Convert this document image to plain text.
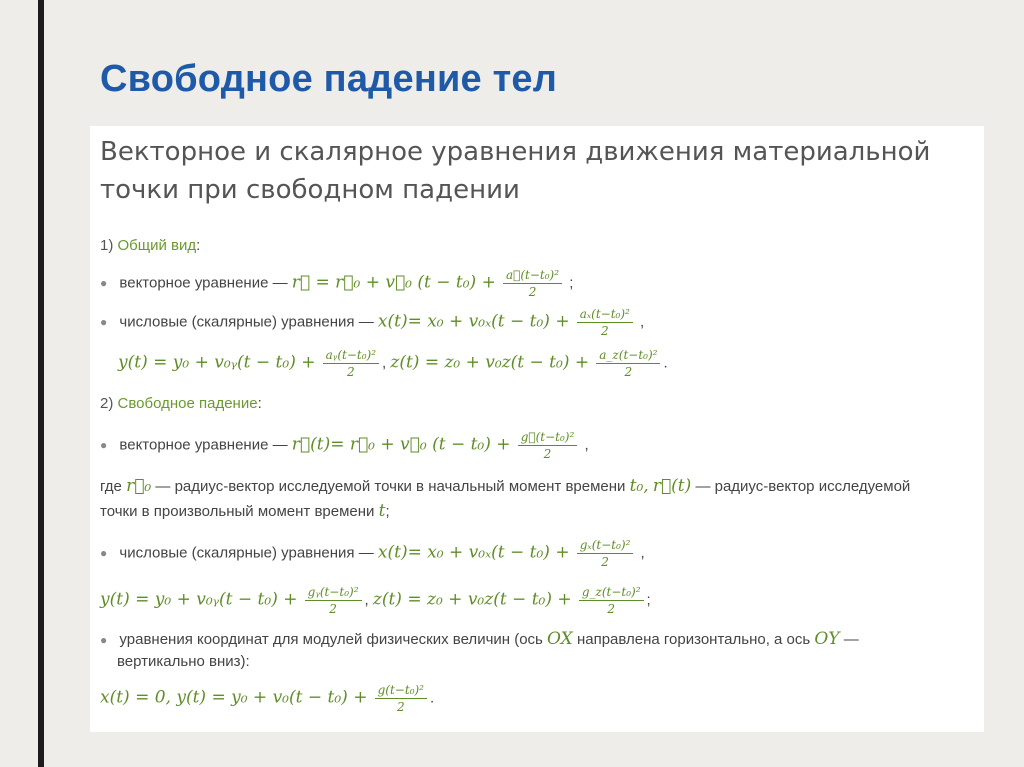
Свободное падение тел
Векторное и скалярное уравнения движения материальной
точки при свободном падении
1) Общий вид:
● векторное уравнение — r⃗ = r⃗₀ + v⃗₀ $(t - t_0) + \frac{\text{a⃗(t−t₀)²}}{2}$ ;
● числовые (скалярные) уравнения — $x(t)= x_0 + v_{0x}(t - t_0) + \frac{\text{aₓ(t−t₀)²}}{2}$ ,
y(t) = y₀ + v₀ᵧ(t − $t_0) + \frac{\text{aᵧ(t−t₀)²}}{2}$ , $z(t) = z_0 + v_0z(t - t_0) + \frac{\text{a\_z(t−t₀)²}}{2}$ .
2) Свободное падение:
● векторное уравнение — r⃗(t)= r⃗₀ + v⃗₀ $(t - t_0) + \frac{\text{g⃗(t−t₀)²}}{2}$ ,
где r⃗₀ — радиус-вектор исследуемой точки в начальный момент времени t₀, r⃗(t) — радиус-вектор исследуемой
точки в произвольный момент времени t;
● числовые (скалярные) уравнения — $x(t)= x_0 + v_{0x}(t - t_0) + \frac{\text{gₓ(t−t₀)²}}{2}$ ,
y(t) = y₀ + v₀ᵧ(t − $t_0) + \frac{\text{gᵧ(t−t₀)²}}{2}$ , $z(t) = z_0 + v_0z(t - t_0) + \frac{\text{g\_z(t−t₀)²}}{2}$ ;
● уравнения координат для модулей физических величин (ось OX направлена горизонтально, а ось OY —
вертикально вниз):
x(t) = 0, $y(t) = y_0 + v_0(t - t_0) + \frac{\text{g(t−t₀)²}}{2}$ .
